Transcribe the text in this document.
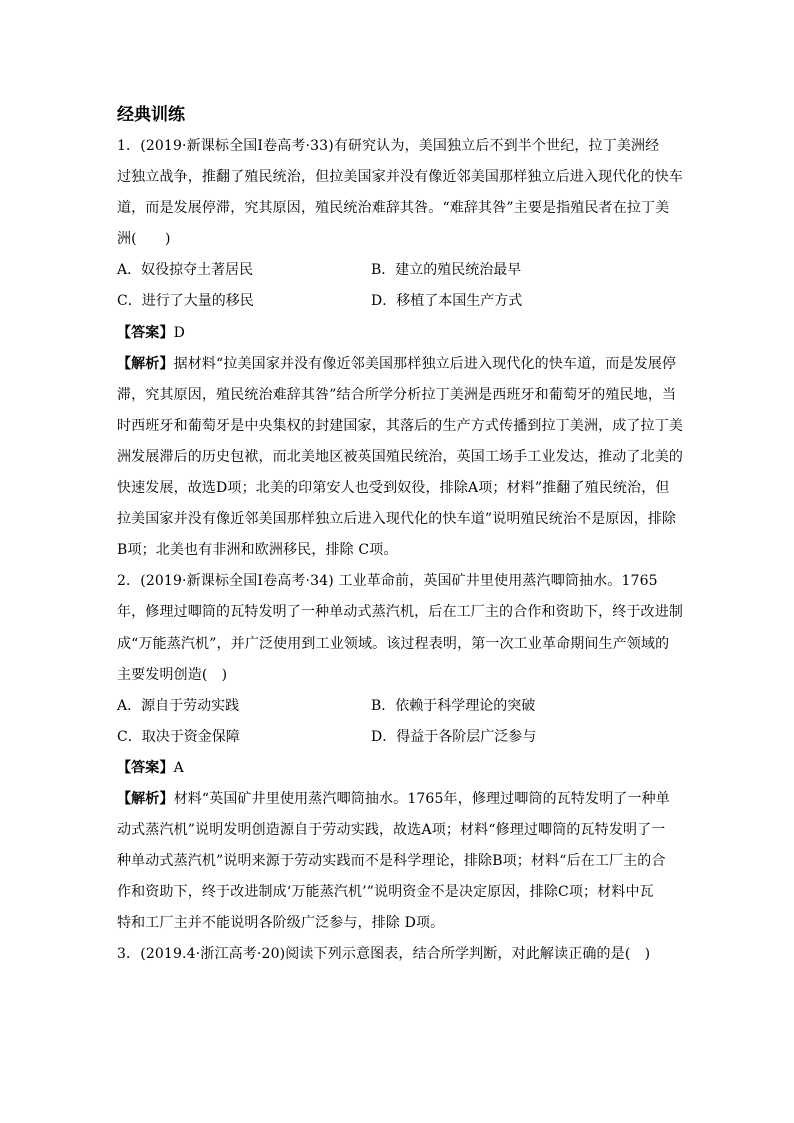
经典训练
1．(2019·新课标全国Ⅰ卷高考·33)有研究认为，美国独立后不到半个世纪，拉丁美洲经
过独立战争，推翻了殖民统治，但拉美国家并没有像近邻美国那样独立后进入现代化的快车
道，而是发展停滞，究其原因，殖民统治难辞其咎。“难辞其咎”主要是指殖民者在拉丁美
洲(　　)
A．奴役掠夺土著居民	B．建立的殖民统治最早
C．进行了大量的移民	D．移植了本国生产方式
【答案】D
【解析】据材料“拉美国家并没有像近邻美国那样独立后进入现代化的快车道，而是发展停
滞，究其原因，殖民统治难辞其咎”结合所学分析拉丁美洲是西班牙和葡萄牙的殖民地，当
时西班牙和葡萄牙是中央集权的封建国家，其落后的生产方式传播到拉丁美洲，成了拉丁美
洲发展滞后的历史包袱，而北美地区被英国殖民统治，英国工场手工业发达，推动了北美的
快速发展，故选D项；北美的印第安人也受到奴役，排除A项；材料”推翻了殖民统治，但
拉美国家并没有像近邻美国那样独立后进入现代化的快车道”说明殖民统治不是原因，排除
B项；北美也有非洲和欧洲移民，排除 C项。
2．(2019·新课标全国Ⅰ卷高考·34) 工业革命前，英国矿井里使用蒸汽唧筒抽水。1765
年，修理过唧筒的瓦特发明了一种单动式蒸汽机，后在工厂主的合作和资助下，终于改进制
成“万能蒸汽机”，并广泛使用到工业领域。该过程表明，第一次工业革命期间生产领域的
主要发明创造(　)
A．源自于劳动实践	B．依赖于科学理论的突破
C．取决于资金保障	D．得益于各阶层广泛参与
【答案】A
【解析】材料“英国矿井里使用蒸汽唧筒抽水。1765年，修理过唧筒的瓦特发明了一种单
动式蒸汽机”说明发明创造源自于劳动实践，故选A项；材料“修理过唧筒的瓦特发明了一
种单动式蒸汽机”说明来源于劳动实践而不是科学理论，排除B项；材料“后在工厂主的合
作和资助下，终于改进制成‘万能蒸汽机’”说明资金不是决定原因，排除C项；材料中瓦
特和工厂主并不能说明各阶级广泛参与，排除 D项。
3．(2019.4·浙江高考·20)阅读下列示意图表，结合所学判断，对此解读正确的是(　)
